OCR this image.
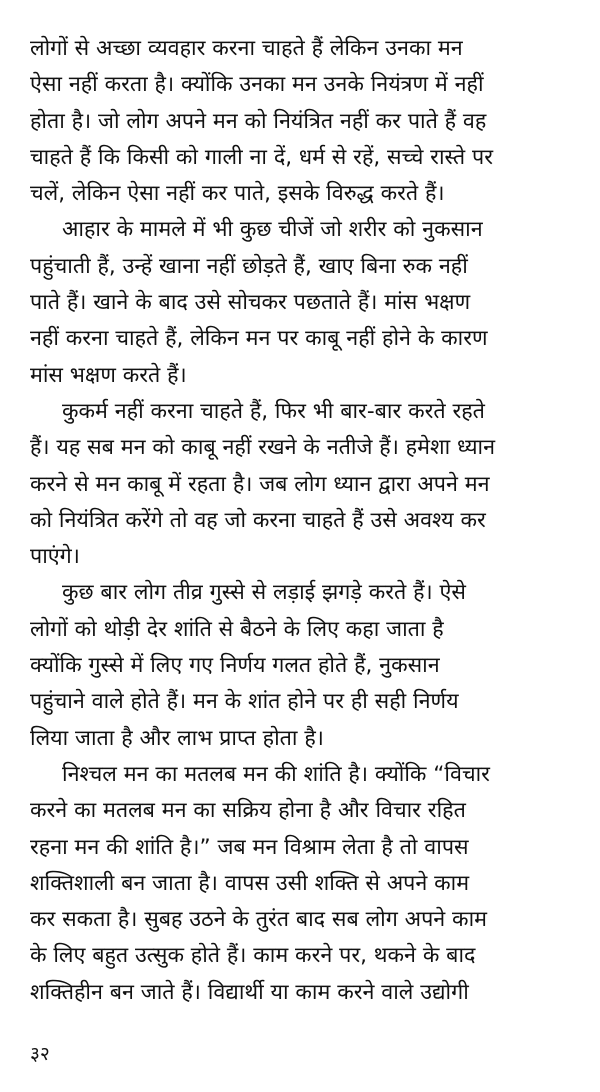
लोगों से अच्छा व्यवहार करना चाहते हैं लेकिन उनका मन
ऐसा नहीं करता है। क्योंकि उनका मन उनके नियंत्रण में नहीं
होता है। जो लोग अपने मन को नियंत्रित नहीं कर पाते हैं वह
चाहते हैं कि किसी को गाली ना दें, धर्म से रहें, सच्चे रास्ते पर
चलें, लेकिन ऐसा नहीं कर पाते, इसके विरुद्ध करते हैं।
आहार के मामले में भी कुछ चीजें जो शरीर को नुकसान
पहुंचाती हैं, उन्हें खाना नहीं छोड़ते हैं, खाए बिना रुक नहीं
पाते हैं। खाने के बाद उसे सोचकर पछताते हैं। मांस भक्षण
नहीं करना चाहते हैं, लेकिन मन पर काबू नहीं होने के कारण
मांस भक्षण करते हैं।
कुकर्म नहीं करना चाहते हैं, फिर भी बार-बार करते रहते
हैं। यह सब मन को काबू नहीं रखने के नतीजे हैं। हमेशा ध्यान
करने से मन काबू में रहता है। जब लोग ध्यान द्वारा अपने मन
को नियंत्रित करेंगे तो वह जो करना चाहते हैं उसे अवश्य कर
पाएंगे।
कुछ बार लोग तीव्र गुस्से से लड़ाई झगड़े करते हैं। ऐसे
लोगों को थोड़ी देर शांति से बैठने के लिए कहा जाता है
क्योंकि गुस्से में लिए गए निर्णय गलत होते हैं, नुकसान
पहुंचाने वाले होते हैं। मन के शांत होने पर ही सही निर्णय
लिया जाता है और लाभ प्राप्त होता है।
निश्चल मन का मतलब मन की शांति है। क्योंकि “विचार
करने का मतलब मन का सक्रिय होना है और विचार रहित
रहना मन की शांति है।” जब मन विश्राम लेता है तो वापस
शक्तिशाली बन जाता है। वापस उसी शक्ति से अपने काम
कर सकता है। सुबह उठने के तुरंत बाद सब लोग अपने काम
के लिए बहुत उत्सुक होते हैं। काम करने पर, थकने के बाद
शक्तिहीन बन जाते हैं। विद्यार्थी या काम करने वाले उद्योगी
३२
